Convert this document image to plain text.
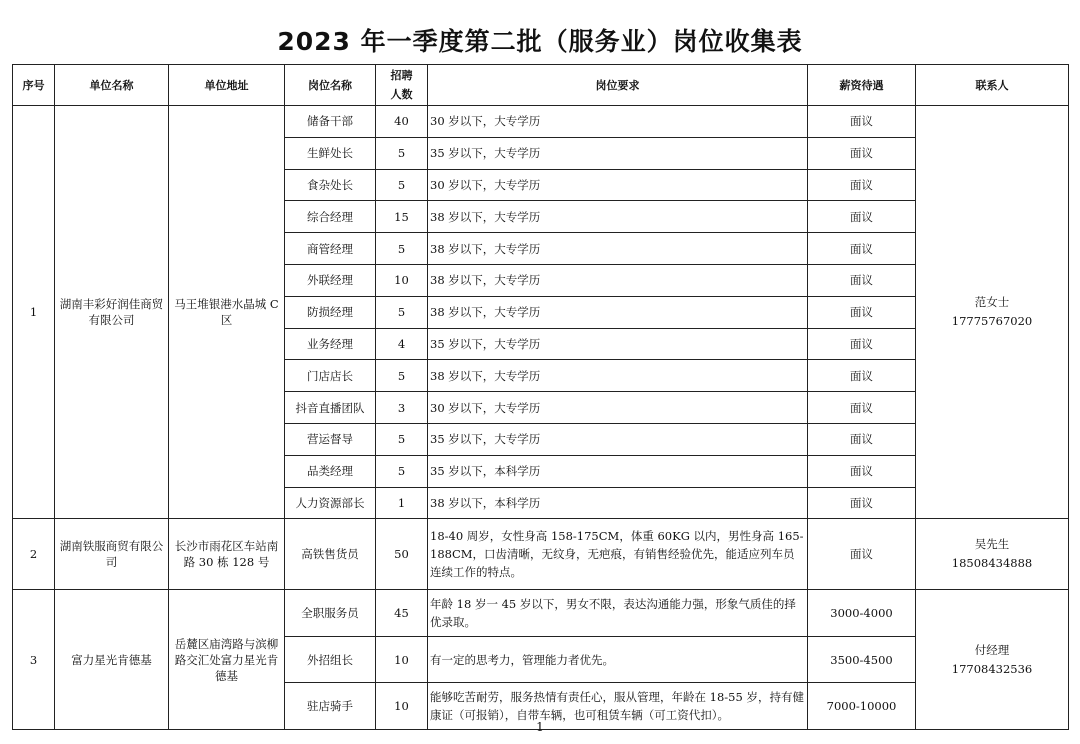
2023 年一季度第二批（服务业）岗位收集表
序号	单位名称	单位地址	岗位名称	招聘
人数	岗位要求	薪资待遇	联系人
1	湖南丰彩好润佳商贸有限公司	马王堆银港水晶城 C 区	储备干部	40	30 岁以下，大专学历	面议	范女士
17775767020

			生鲜处长	5	35 岁以下，大专学历	面议	
			食杂处长	5	30 岁以下，大专学历	面议	
			综合经理	15	38 岁以下，大专学历	面议	
			商管经理	5	38 岁以下，大专学历	面议	
			外联经理	10	38 岁以下，大专学历	面议	
			防损经理	5	38 岁以下，大专学历	面议	
			业务经理	4	35 岁以下，大专学历	面议	
			门店店长	5	38 岁以下，大专学历	面议	
			抖音直播团队	3	30 岁以下，大专学历	面议	
			营运督导	5	35 岁以下，大专学历	面议	
			品类经理	5	35 岁以下，本科学历	面议	
			人力资源部长	1	38 岁以下，本科学历	面议	
2	湖南铁服商贸有限公司	长沙市雨花区车站南路 30 栋 128 号	高铁售货员	50	18-40 周岁，女性身高 158-175CM，体重 60KG 以内，男性身高 165-188CM，口齿清晰，无纹身，无疤痕，有销售经验优先，能适应列车员连续工作的特点。	面议	吴先生
18508434888

3	富力星光肯德基	岳麓区庙湾路与滨柳路交汇处富力星光肯德基	全职服务员	45	年龄 18 岁一 45 岁以下，男女不限，表达沟通能力强，形象气质佳的择优录取。	3000-4000	付经理
17708432536

			外招组长	10	有一定的思考力，管理能力者优先。	3500-4500	
			驻店骑手	10	能够吃苦耐劳，服务热情有责任心，服从管理，年龄在 18-55 岁，持有健康证（可报销），自带车辆，也可租赁车辆（可工资代扣）。	7000-10000	
1
